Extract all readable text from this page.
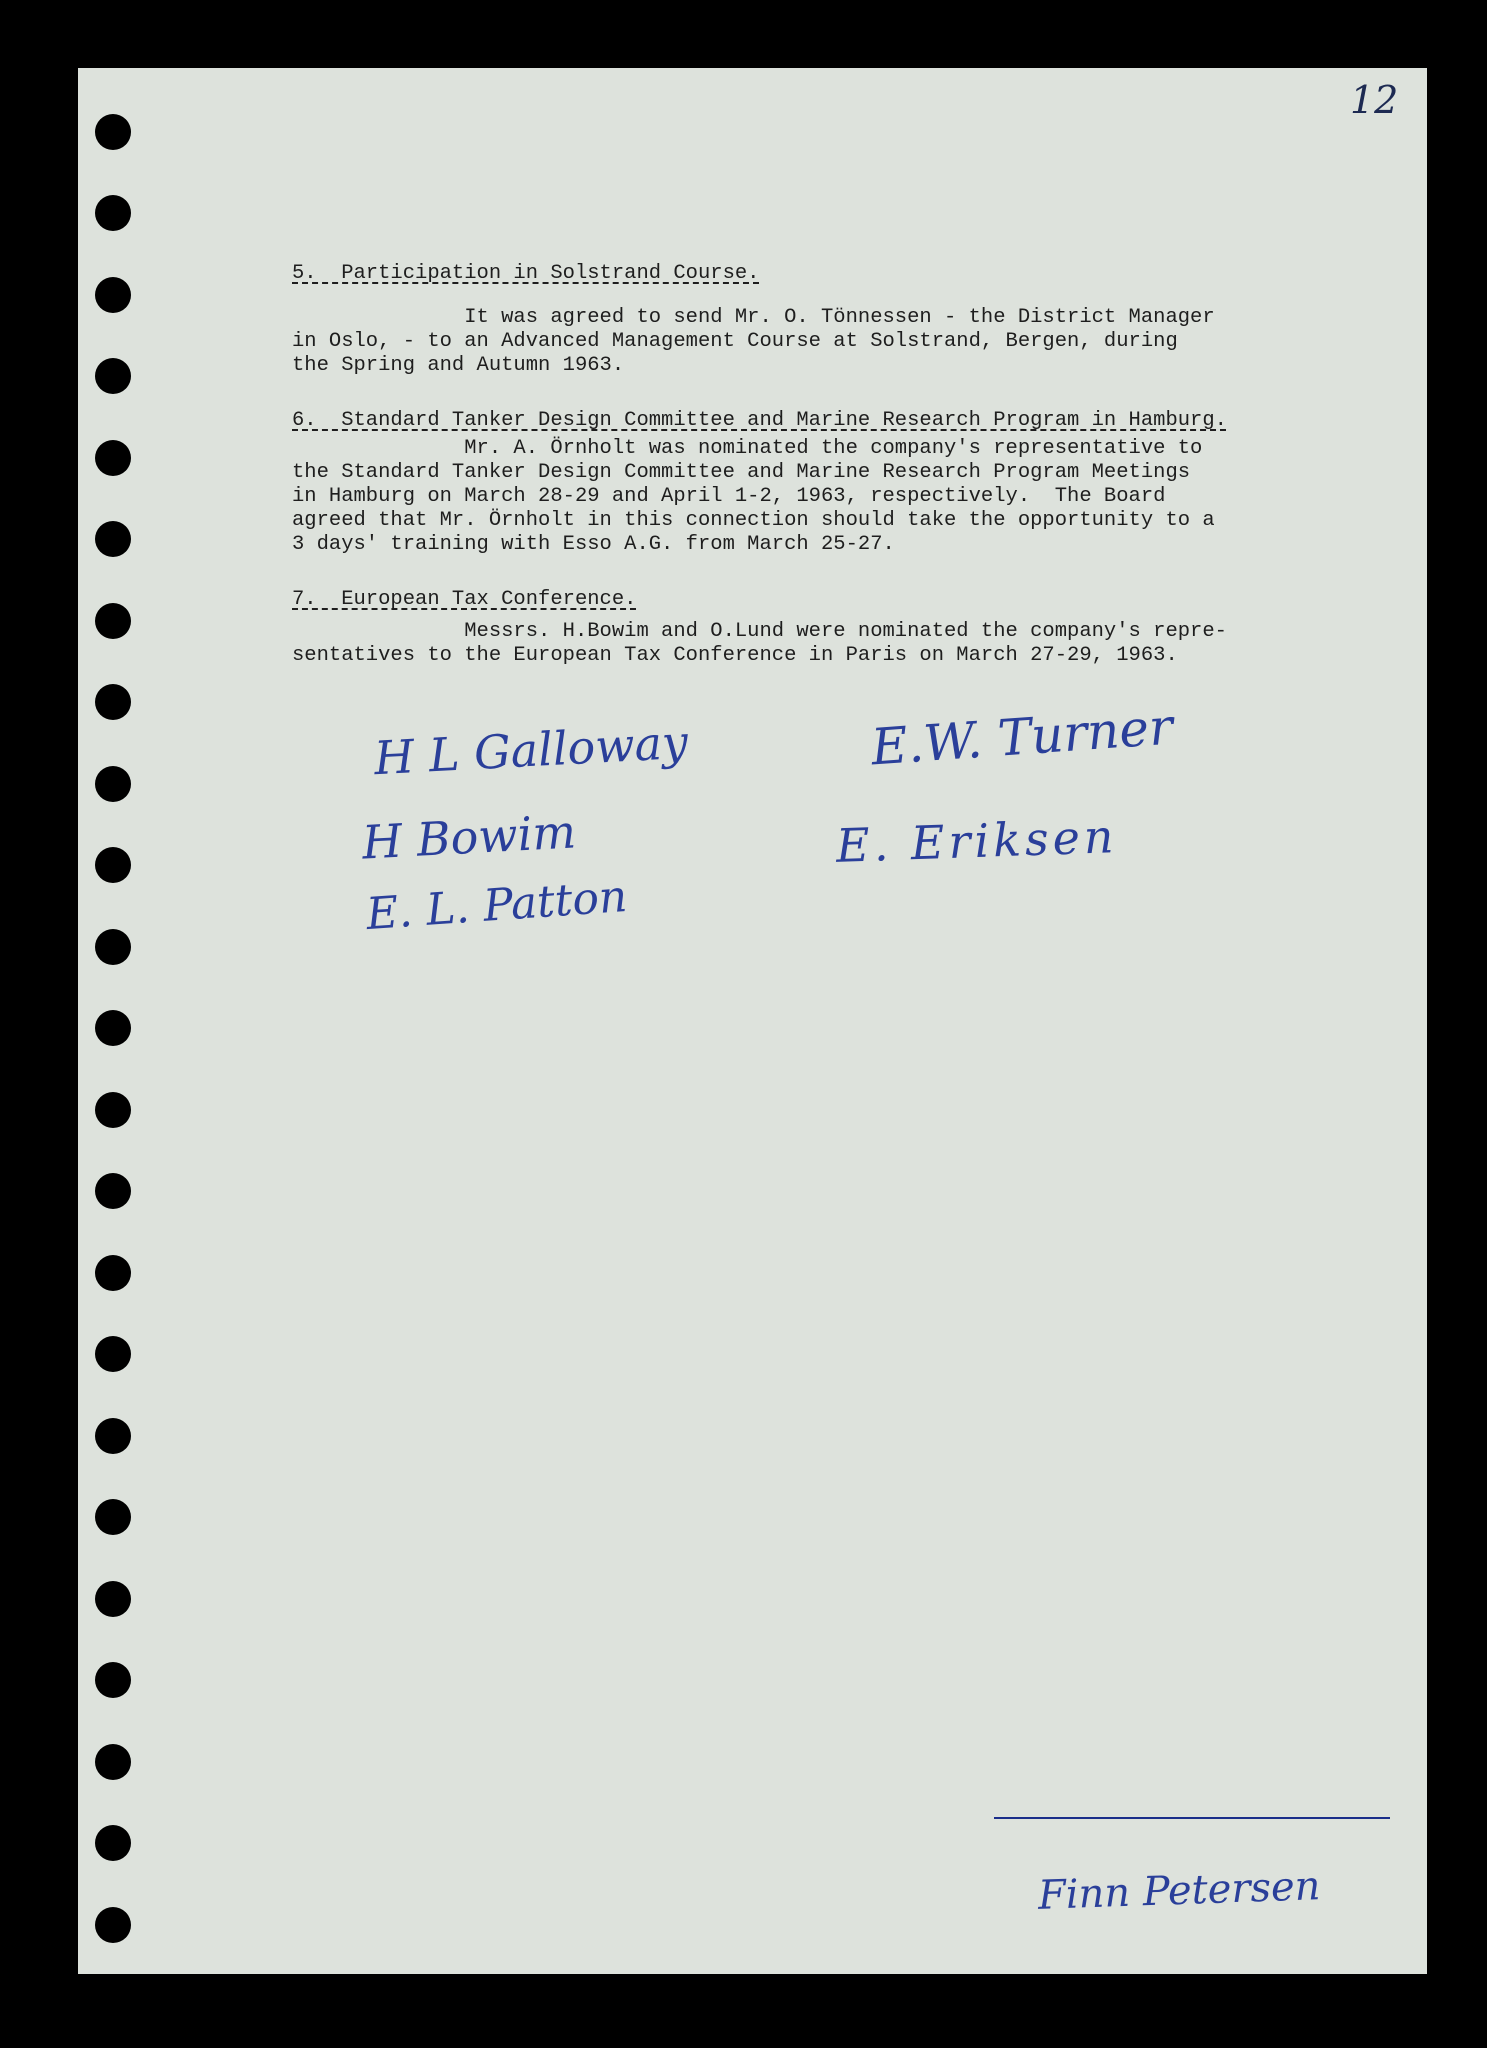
12

5.  Participation in Solstrand Course.

It was agreed to send Mr. O. Tönnessen - the District Manager

in Oslo, - to an Advanced Management Course at Solstrand, Bergen, during

the Spring and Autumn 1963.

6.  Standard Tanker Design Committee and Marine Research Program in Hamburg.

Mr. A. Örnholt was nominated the company's representative to

the Standard Tanker Design Committee and Marine Research Program Meetings

in Hamburg on March 28-29 and April 1-2, 1963, respectively.  The Board

agreed that Mr. Örnholt in this connection should take the opportunity to a

3 days' training with Esso A.G. from March 25-27.

7.  European Tax Conference.

Messrs. H.Bowim and O.Lund were nominated the company's repre-

sentatives to the European Tax Conference in Paris on March 27-29, 1963.

H L Galloway	E.W. Turner

H Bowim	E. Eriksen

E. L. Patton

Finn Petersen
